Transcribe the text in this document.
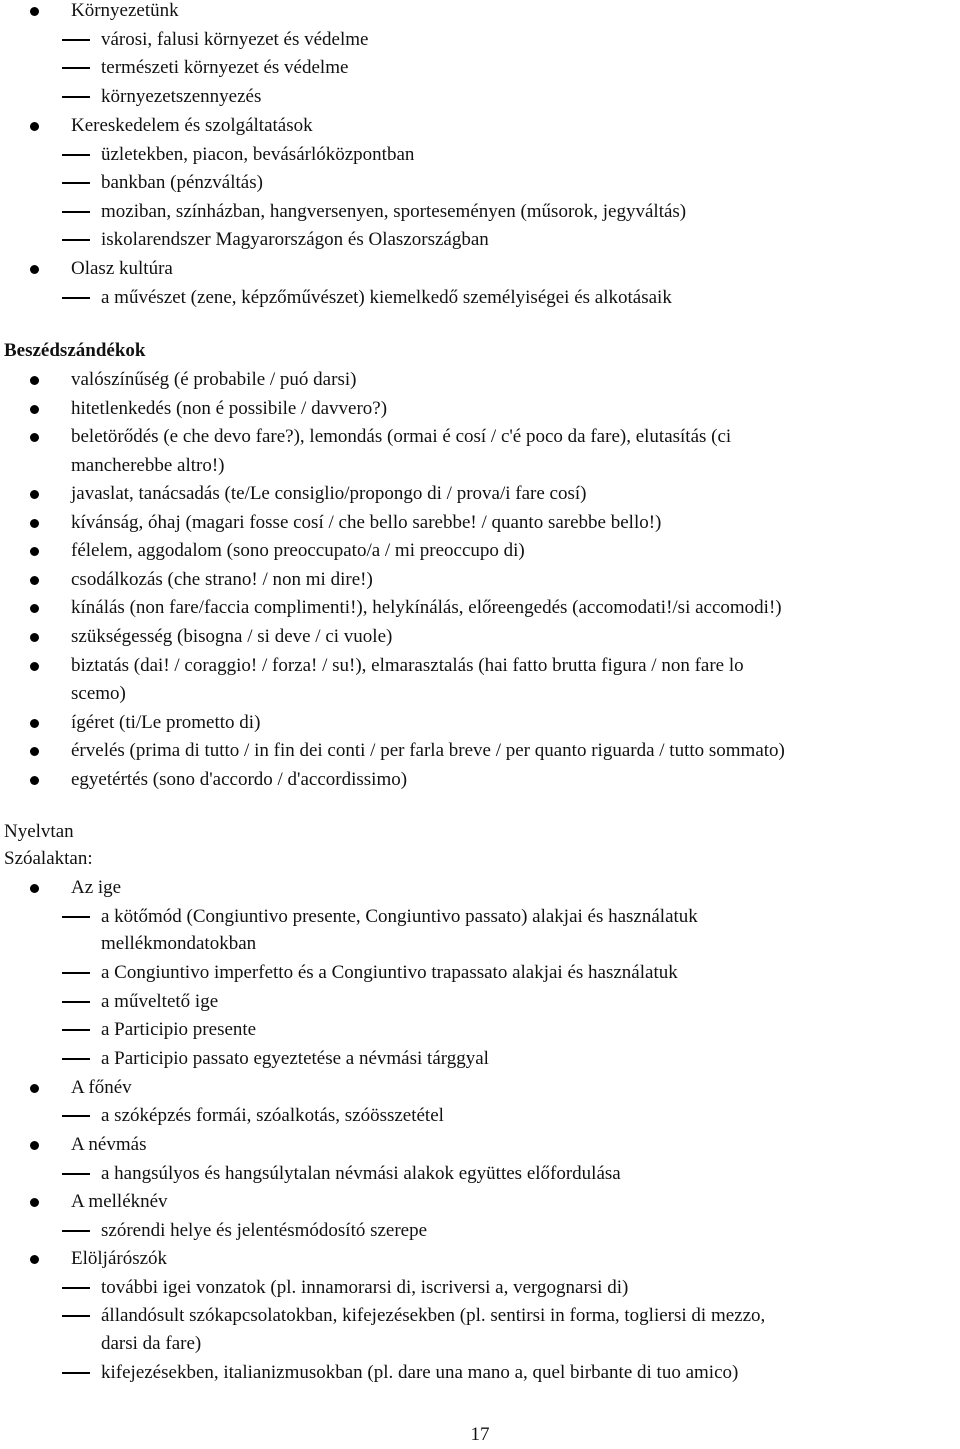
Környezetünk
városi, falusi környezet és védelme
természeti környezet és védelme
környezetszennyezés
Kereskedelem és szolgáltatások
üzletekben, piacon, bevásárlóközpontban
bankban (pénzváltás)
moziban, színházban, hangversenyen, sporteseményen (műsorok, jegyváltás)
iskolarendszer Magyarországon és Olaszországban
Olasz kultúra
a művészet (zene, képzőművészet) kiemelkedő személyiségei és alkotásaik
Beszédszándékok
valószínűség (é probabile / puó darsi)
hitetlenkedés (non é possibile / davvero?)
beletörődés (e che devo fare?), lemondás (ormai é cosí / c'é poco da fare), elutasítás (ci
mancherebbe altro!)
javaslat, tanácsadás (te/Le consiglio/propongo di / prova/i fare cosí)
kívánság, óhaj (magari fosse cosí / che bello sarebbe! / quanto sarebbe bello!)
félelem, aggodalom (sono preoccupato/a / mi preoccupo di)
csodálkozás (che strano! / non mi dire!)
kínálás (non fare/faccia complimenti!), helykínálás, előreengedés (accomodati!/si accomodi!)
szükségesség (bisogna / si deve / ci vuole)
biztatás (dai! / coraggio! / forza! / su!), elmarasztalás (hai fatto brutta figura / non fare lo
scemo)
ígéret (ti/Le prometto di)
érvelés (prima di tutto / in fin dei conti / per farla breve / per quanto riguarda / tutto sommato)
egyetértés (sono d'accordo / d'accordissimo)
Nyelvtan
Szóalaktan:
Az ige
a kötőmód (Congiuntivo presente, Congiuntivo passato) alakjai és használatuk
mellékmondatokban
a Congiuntivo imperfetto és a Congiuntivo trapassato alakjai és használatuk
a műveltető ige
a Participio presente
a Participio passato egyeztetése a névmási tárggyal
A főnév
a szóképzés formái, szóalkotás, szóösszetétel
A névmás
a hangsúlyos és hangsúlytalan névmási alakok együttes előfordulása
A melléknév
szórendi helye és jelentésmódosító szerepe
Elöljárószók
további igei vonzatok (pl. innamorarsi di, iscriversi a, vergognarsi di)
állandósult szókapcsolatokban, kifejezésekben (pl. sentirsi in forma, togliersi di mezzo,
darsi da fare)
kifejezésekben, italianizmusokban (pl. dare una mano a, quel birbante di tuo amico)
17
